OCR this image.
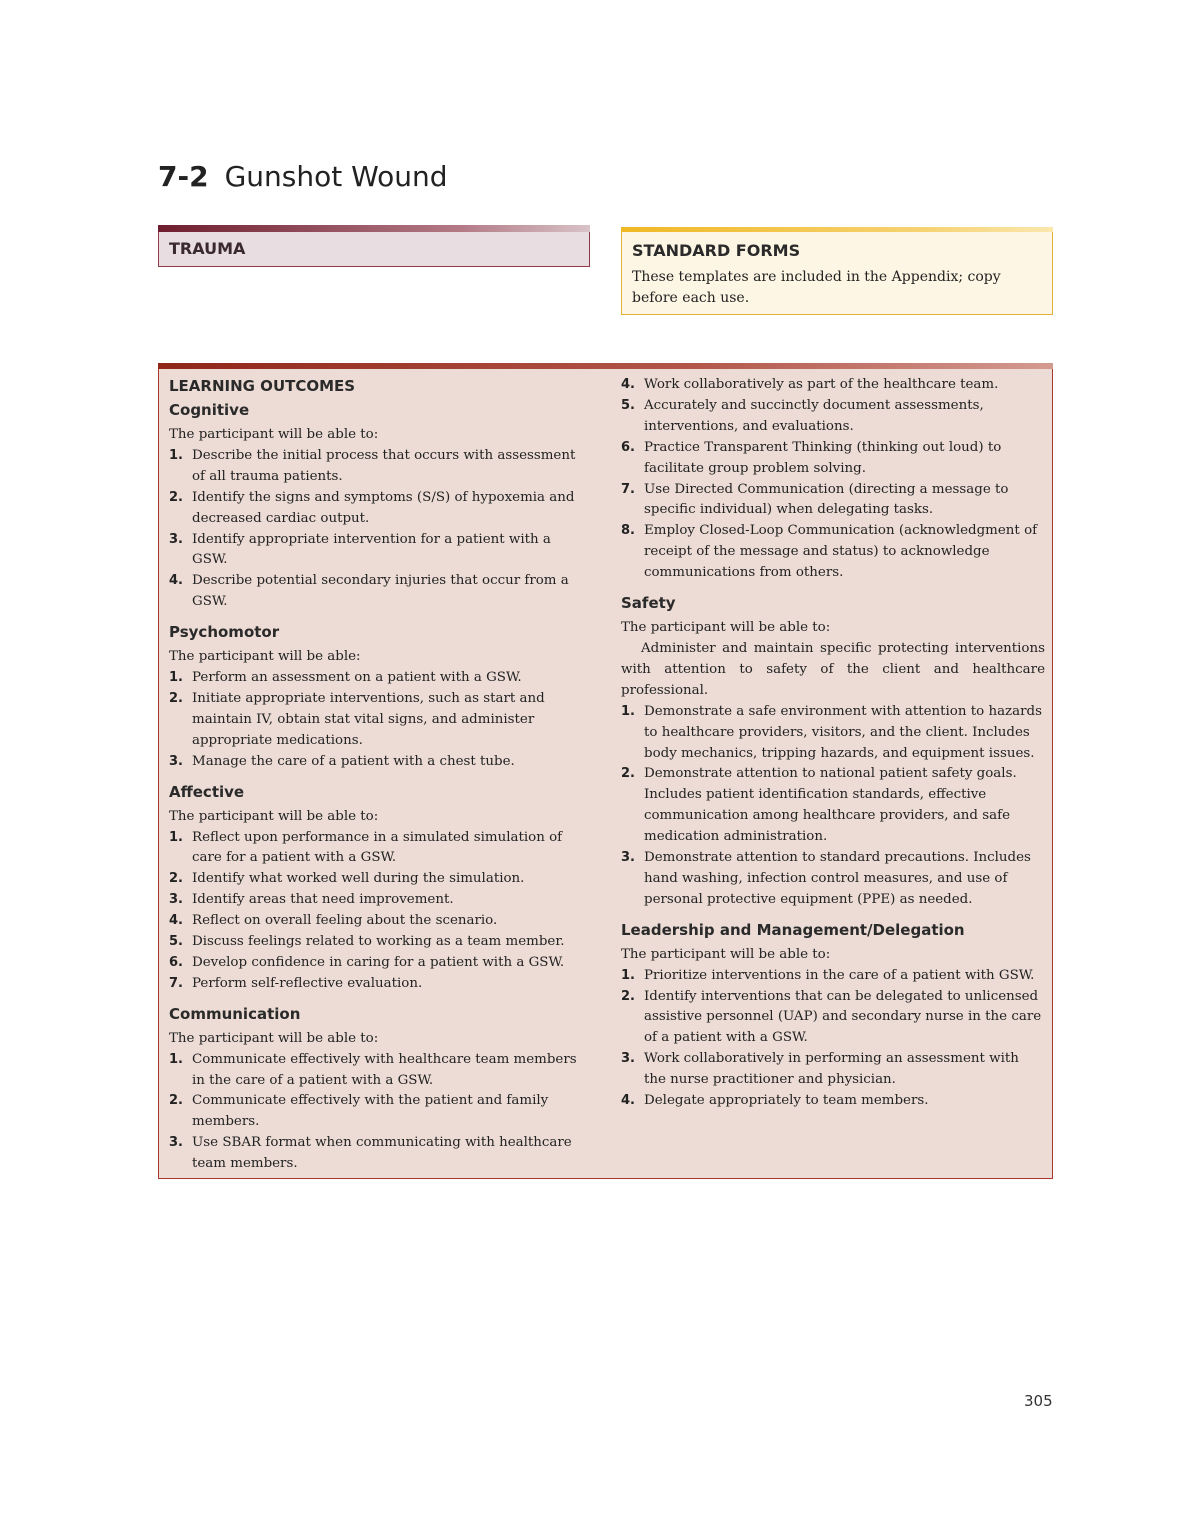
7-2 Gunshot Wound
TRAUMA	STANDARD FORMS
These templates are included in the Appendix; copy before each use.

LEARNING OUTCOMES

Cognitive

The participant will be able to:

1. Describe the initial process that occurs with assessment of all trauma patients.
2. Identify the signs and symptoms (S/S) of hypoxemia and decreased cardiac output.
3. Identify appropriate intervention for a patient with a GSW.
4. Describe potential secondary injuries that occur from a GSW.

Psychomotor

The participant will be able:

1. Perform an assessment on a patient with a GSW.
2. Initiate appropriate interventions, such as start and maintain IV, obtain stat vital signs, and administer appropriate medications.
3. Manage the care of a patient with a chest tube.

Affective

The participant will be able to:

1. Reflect upon performance in a simulated simulation of care for a patient with a GSW.
2. Identify what worked well during the simulation.
3. Identify areas that need improvement.
4. Reflect on overall feeling about the scenario.
5. Discuss feelings related to working as a team member.
6. Develop confidence in caring for a patient with a GSW.
7. Perform self-reflective evaluation.

Communication

The participant will be able to:

1. Communicate effectively with healthcare team members in the care of a patient with a GSW.
2. Communicate effectively with the patient and family members.
3. Use SBAR format when communicating with healthcare team members.
4. Work collaboratively as part of the healthcare team.
5. Accurately and succinctly document assessments, interventions, and evaluations.
6. Practice Transparent Thinking (thinking out loud) to facilitate group problem solving.
7. Use Directed Communication (directing a message to specific individual) when delegating tasks.
8. Employ Closed-Loop Communication (acknowledgment of receipt of the message and status) to acknowledge communications from others.

Safety

The participant will be able to:

Administer and maintain specific protecting interventions with attention to safety of the client and healthcare professional.

1. Demonstrate a safe environment with attention to hazards to healthcare providers, visitors, and the client. Includes body mechanics, tripping hazards, and equipment issues.
2. Demonstrate attention to national patient safety goals. Includes patient identification standards, effective communication among healthcare providers, and safe medication administration.
3. Demonstrate attention to standard precautions. Includes hand washing, infection control measures, and use of personal protective equipment (PPE) as needed.

Leadership and Management/Delegation

The participant will be able to:

1. Prioritize interventions in the care of a patient with GSW.
2. Identify interventions that can be delegated to unlicensed assistive personnel (UAP) and secondary nurse in the care of a patient with a GSW.
3. Work collaboratively in performing an assessment with the nurse practitioner and physician.
4. Delegate appropriately to team members.
305
